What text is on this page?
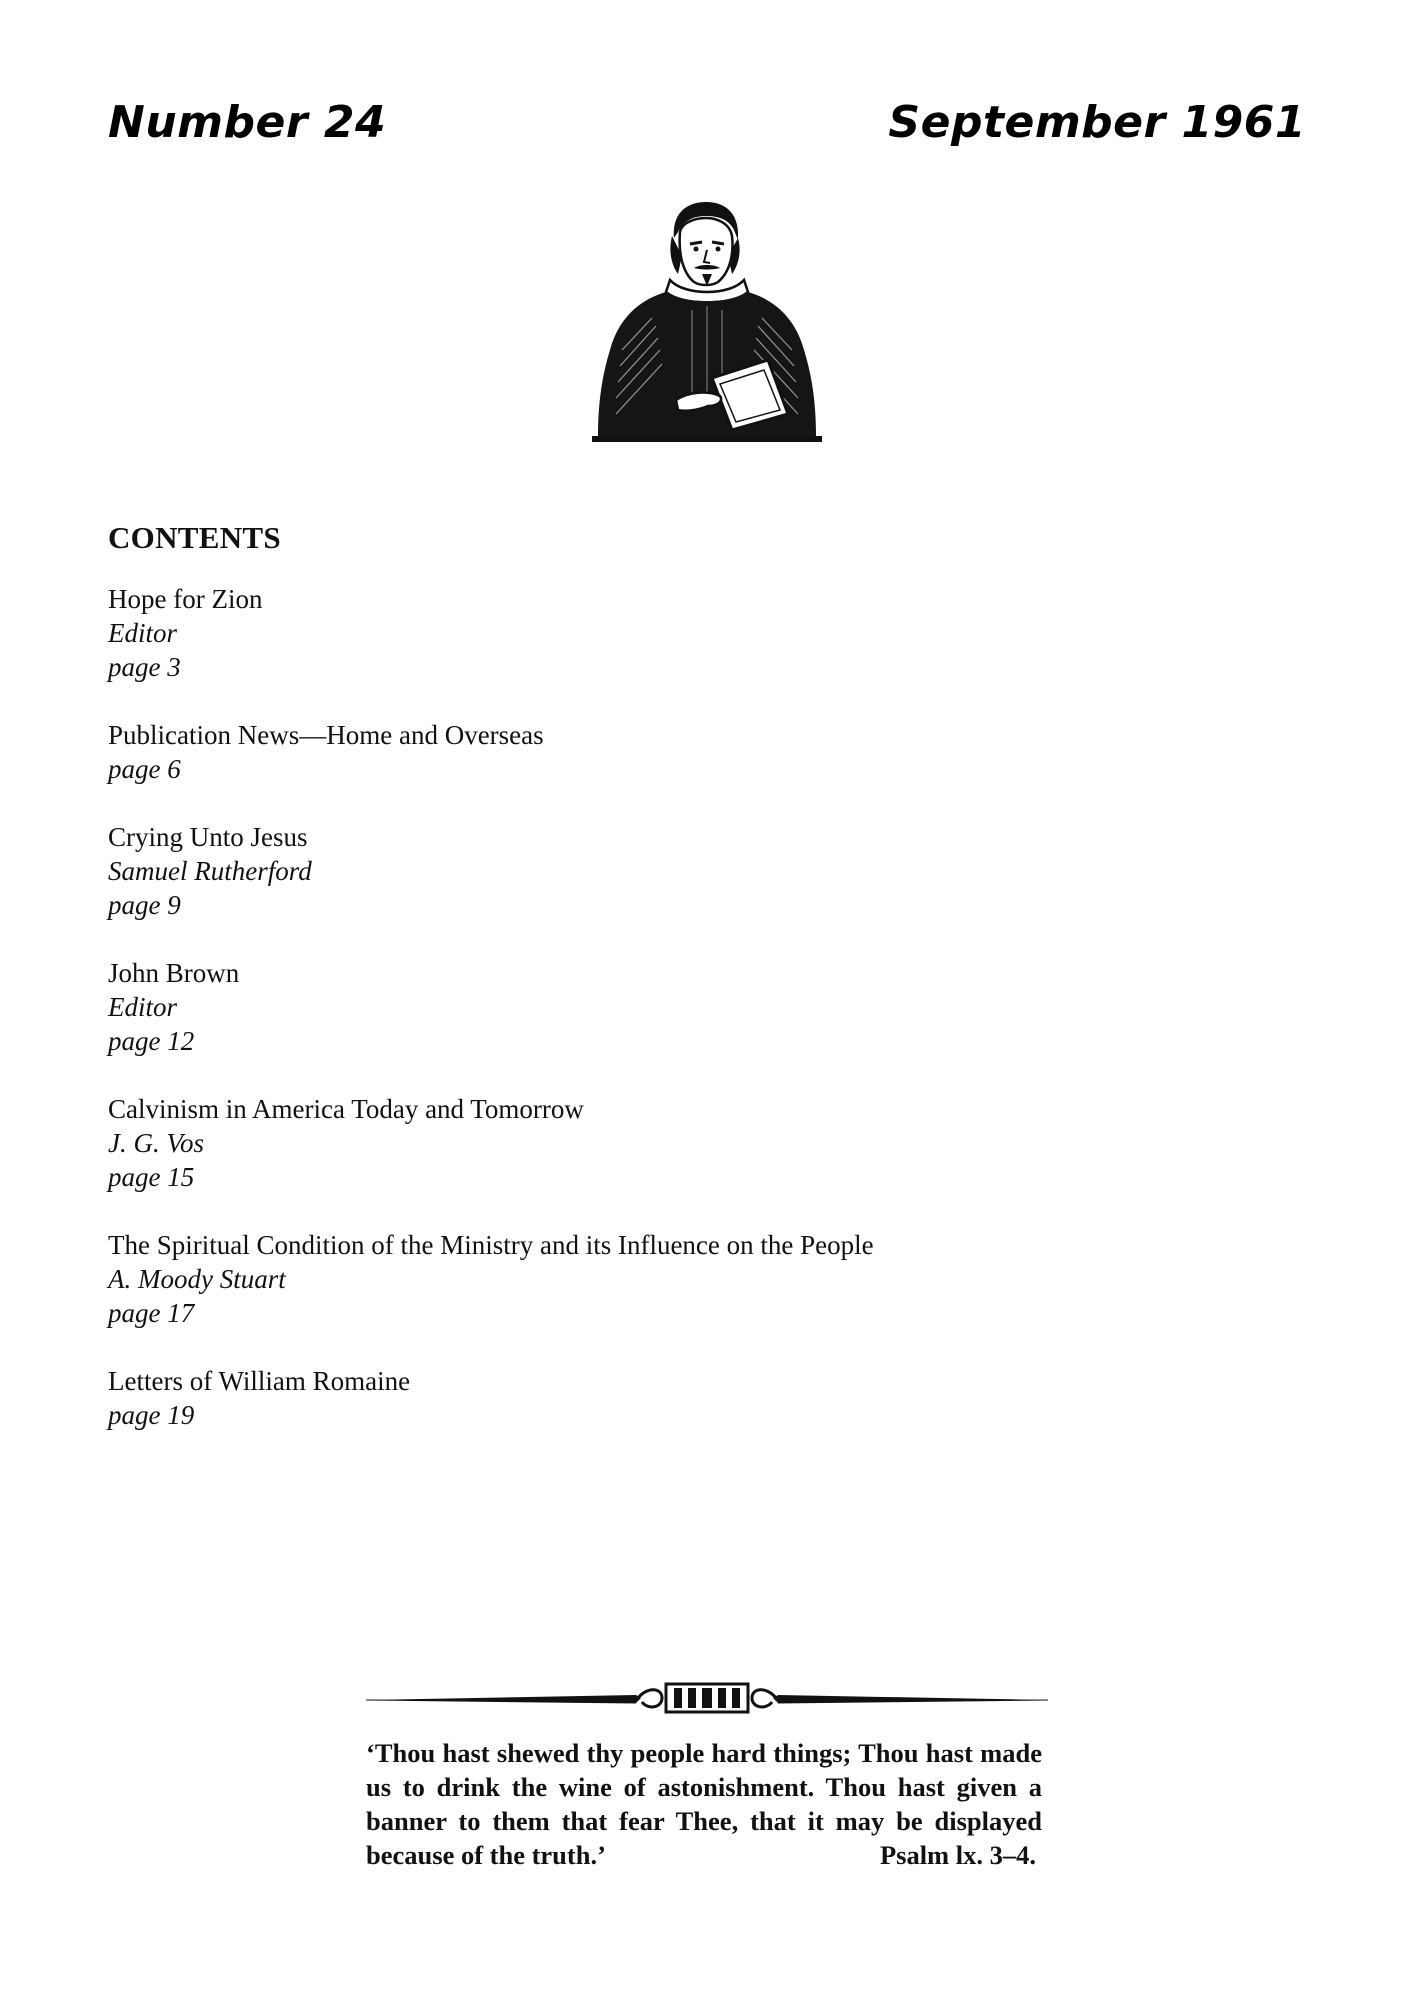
Number 24	September 1961
CONTENTS
Hope for Zion
Editor
page 3
Publication News—Home and Overseas
page 6
Crying Unto Jesus
Samuel Rutherford
page 9
John Brown
Editor
page 12
Calvinism in America Today and Tomorrow
J. G. Vos
page 15
The Spiritual Condition of the Ministry and its Influence on the People
A. Moody Stuart
page 17
Letters of William Romaine
page 19
‘Thou hast shewed thy people hard things; Thou hast made us to drink the wine of astonishment. Thou hast given a banner to them that fear Thee, that it may be displayed because of the truth.’	Psalm lx. 3–4.
